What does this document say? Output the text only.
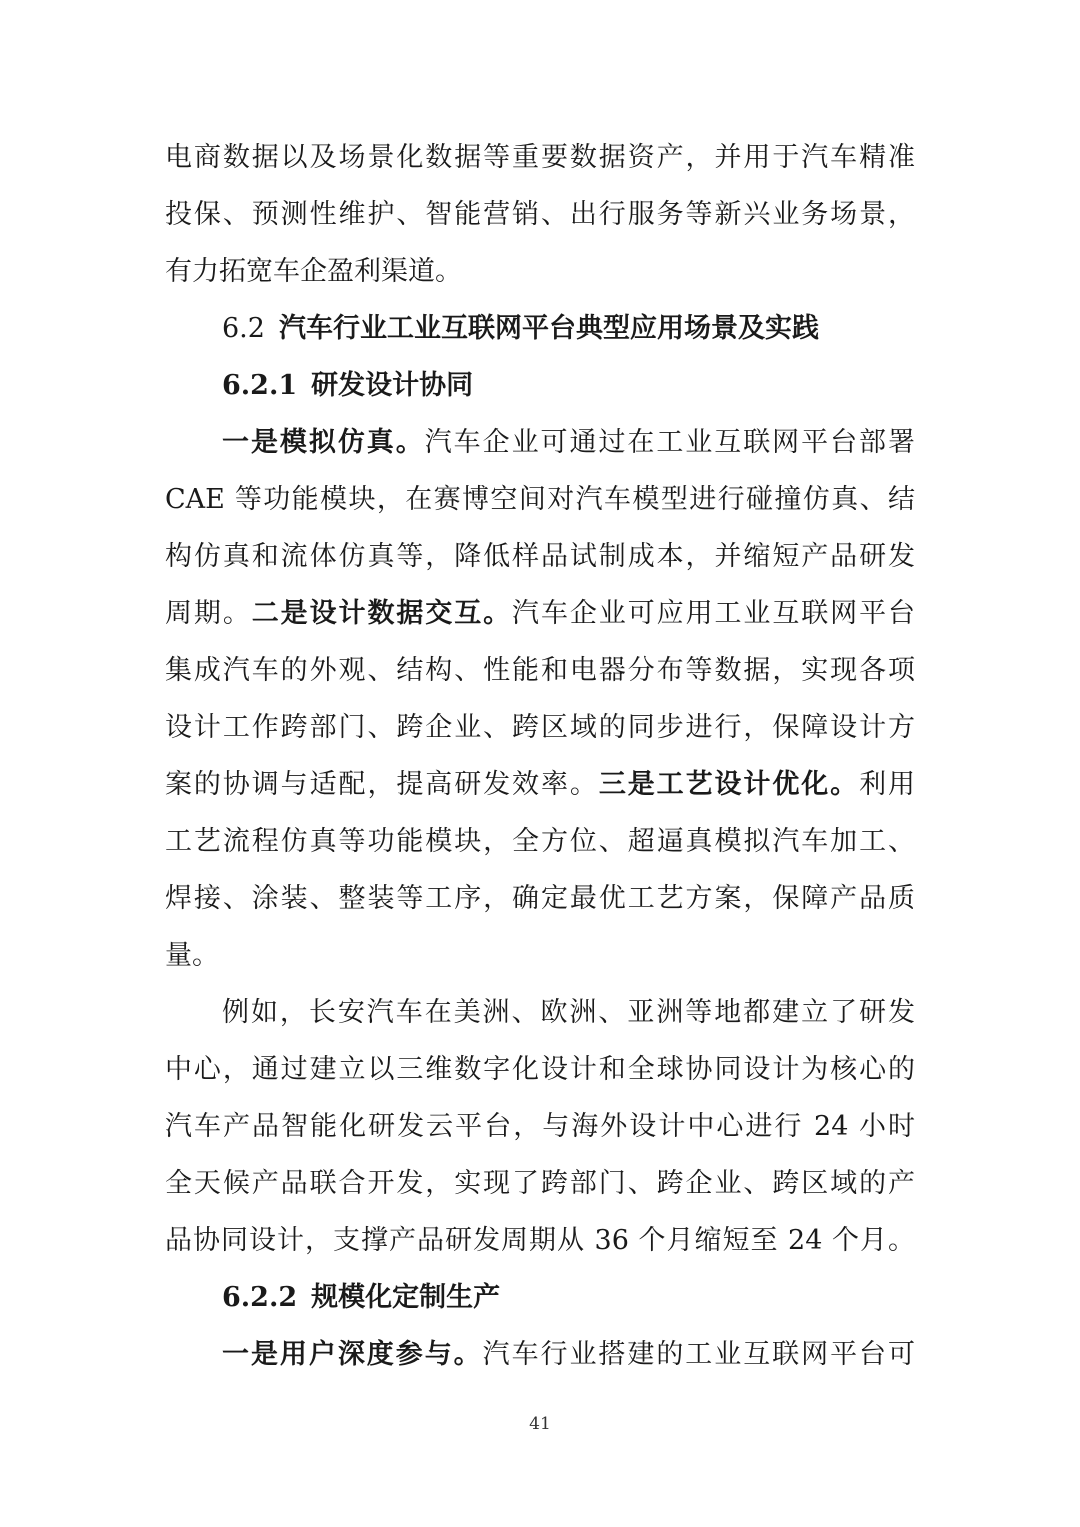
电商数据以及场景化数据等重要数据资产，并用于汽车精准
投保、预测性维护、智能营销、出行服务等新兴业务场景，
有力拓宽车企盈利渠道。
6.2 汽车行业工业互联网平台典型应用场景及实践
6.2.1 研发设计协同
一是模拟仿真。汽车企业可通过在工业互联网平台部署
CAE 等功能模块，在赛博空间对汽车模型进行碰撞仿真、结
构仿真和流体仿真等，降低样品试制成本，并缩短产品研发
周期。二是设计数据交互。汽车企业可应用工业互联网平台
集成汽车的外观、结构、性能和电器分布等数据，实现各项
设计工作跨部门、跨企业、跨区域的同步进行，保障设计方
案的协调与适配，提高研发效率。三是工艺设计优化。利用
工艺流程仿真等功能模块，全方位、超逼真模拟汽车加工、
焊接、涂装、整装等工序，确定最优工艺方案，保障产品质
量。
例如，长安汽车在美洲、欧洲、亚洲等地都建立了研发
中心，通过建立以三维数字化设计和全球协同设计为核心的
汽车产品智能化研发云平台，与海外设计中心进行 24 小时
全天候产品联合开发，实现了跨部门、跨企业、跨区域的产
品协同设计，支撑产品研发周期从 36 个月缩短至 24 个月。
6.2.2 规模化定制生产
一是用户深度参与。汽车行业搭建的工业互联网平台可
41
